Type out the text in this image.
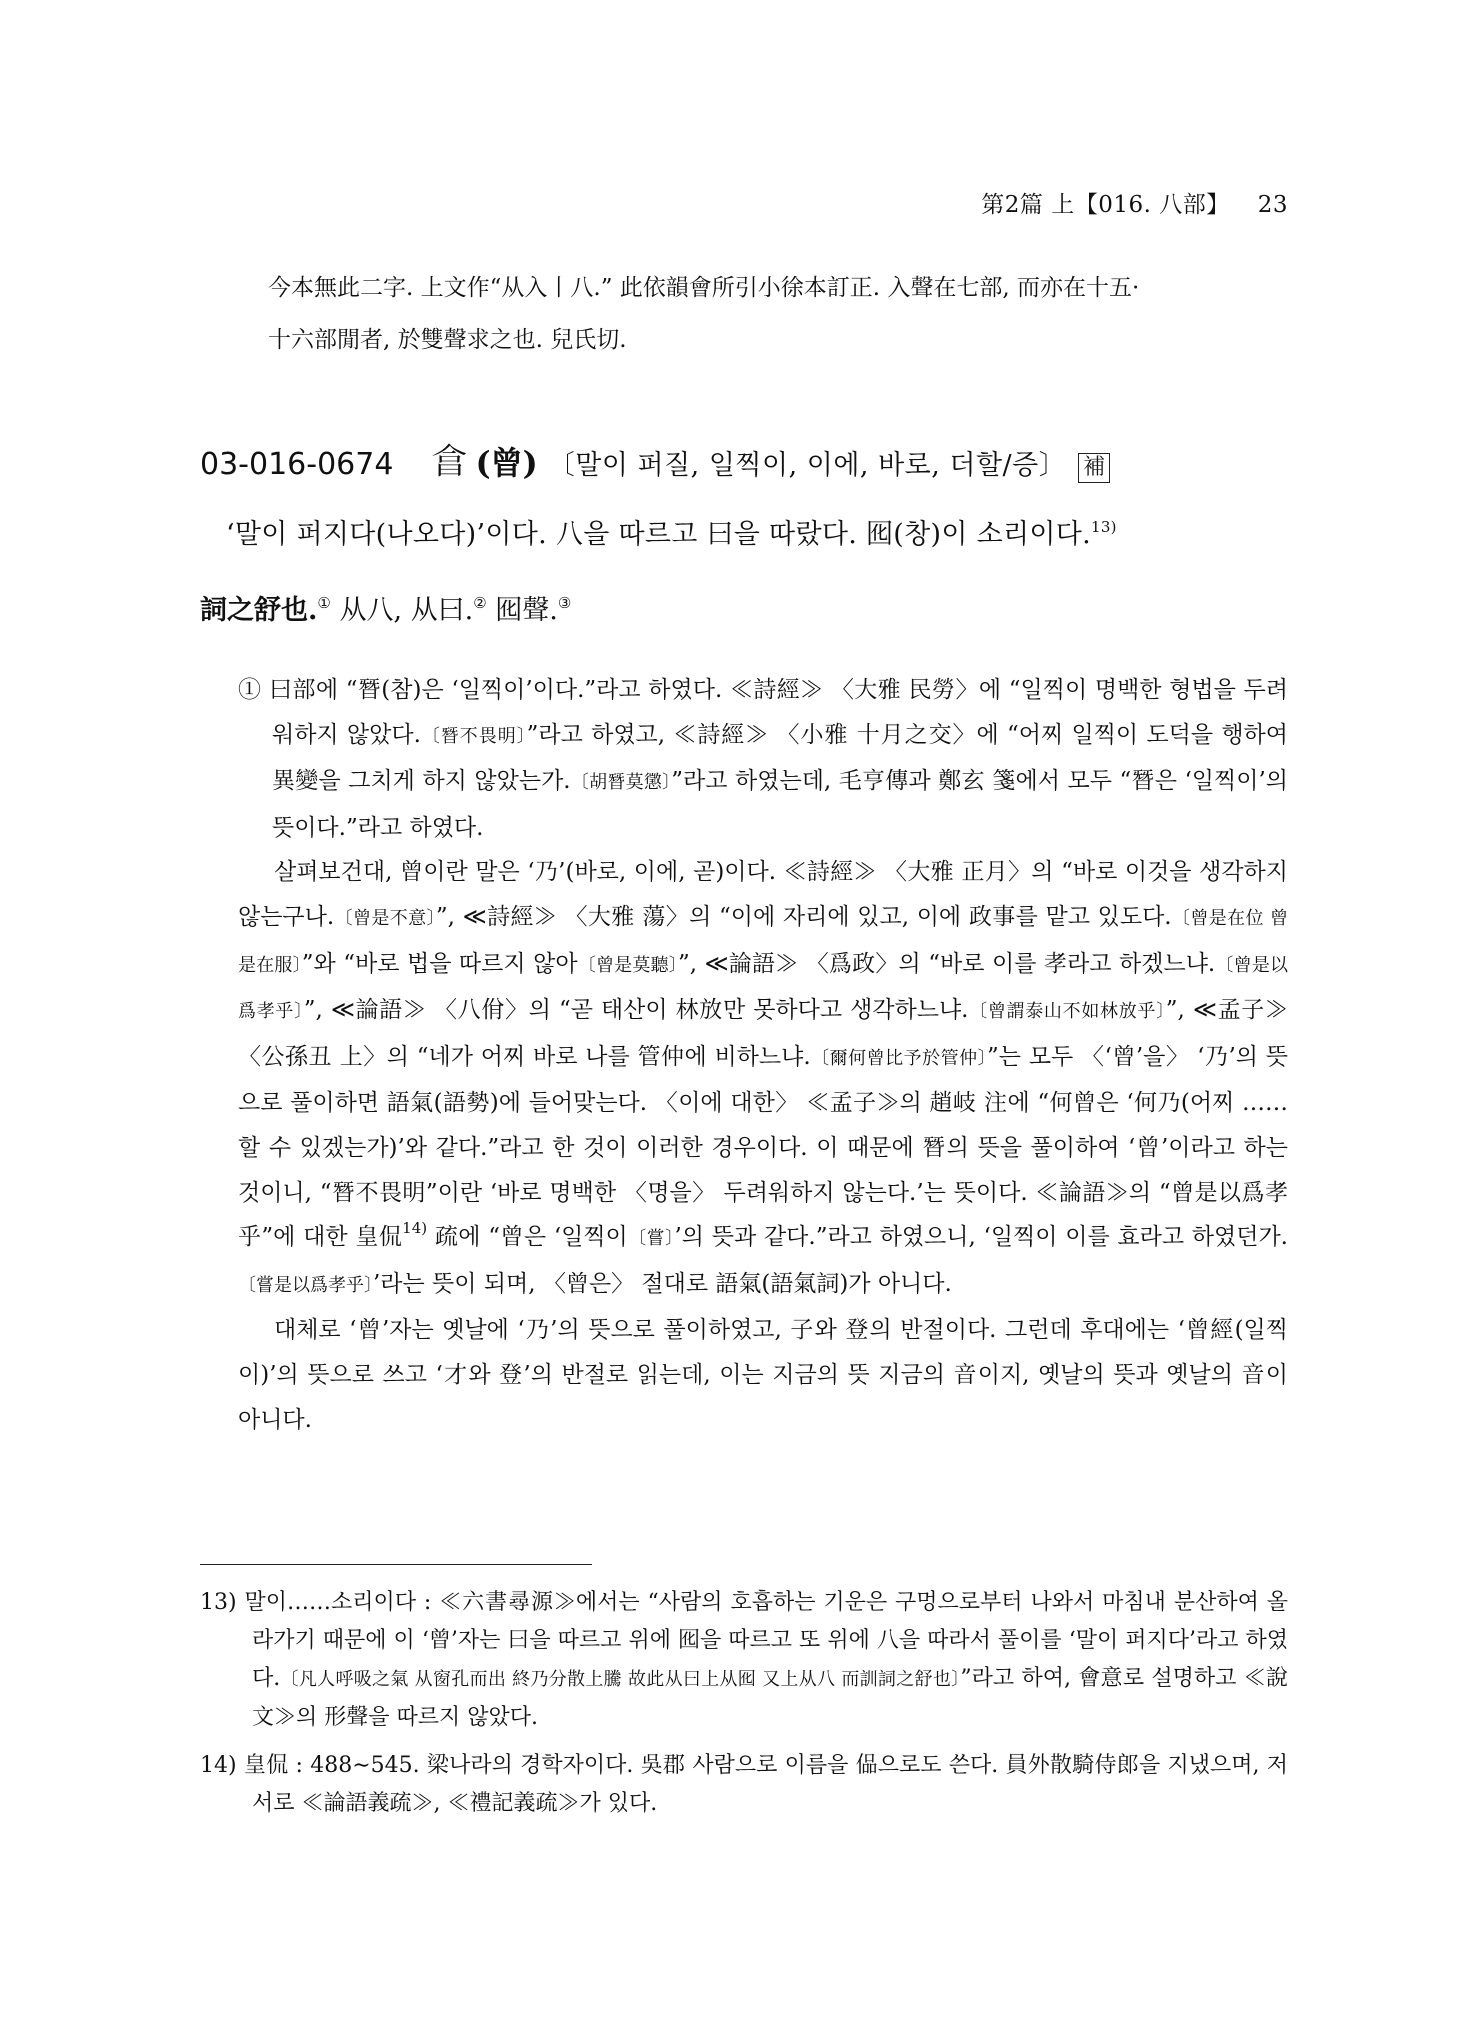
第2篇 上【016. 八部】 23

今本無此二字. 上文作“从入丨八.” 此依韻會所引小徐本訂正. 入聲在七部, 而亦在十五·

十六部閒者, 於雙聲求之也. 兒氏切.

03-016-0674 𣌭 (曾) 〔말이 퍼질, 일찍이, 이에, 바로, 더할/증〕 補
‘말이 퍼지다(나오다)’이다. 八을 따르고 曰을 따랐다. 囮(창)이 소리이다.$^{13)}$
詞之舒也.① 从八, 从曰.② 囮聲.③

① 曰部에 “朁(참)은 ‘일찍이’이다.”라고 하였다. ≪詩經≫ 〈大雅 民勞〉에 “일찍이 명백한 형법을 두려워하지 않았다.〔朁不畏明〕”라고 하였고, ≪詩經≫ 〈小雅 十月之交〉에 “어찌 일찍이 도덕을 행하여 異變을 그치게 하지 않았는가.〔胡朁莫懲〕”라고 하였는데, 毛亨傳과 鄭玄 箋에서 모두 “朁은 ‘일찍이’의 뜻이다.”라고 하였다.

살펴보건대, 曾이란 말은 ‘乃’(바로, 이에, 곧)이다. ≪詩經≫ 〈大雅 正月〉의 “바로 이것을 생각하지 않는구나.〔曾是不意〕”, ≪詩經≫ 〈大雅 蕩〉의 “이에 자리에 있고, 이에 政事를 맡고 있도다.〔曾是在位 曾是在服〕”와 “바로 법을 따르지 않아〔曾是莫聽〕”, ≪論語≫ 〈爲政〉의 “바로 이를 孝라고 하겠느냐.〔曾是以爲孝乎〕”, ≪論語≫ 〈八佾〉의 “곧 태산이 林放만 못하다고 생각하느냐.〔曾謂泰山不如林放乎〕”, ≪孟子≫ 〈公孫丑 上〉의 “네가 어찌 바로 나를 管仲에 비하느냐.〔爾何曾比予於管仲〕”는 모두 〈‘曾’을〉 ‘乃’의 뜻으로 풀이하면 語氣(語勢)에 들어맞는다. 〈이에 대한〉 ≪孟子≫의 趙岐 注에 “何曾은 ‘何乃(어찌 ……할 수 있겠는가)’와 같다.”라고 한 것이 이러한 경우이다. 이 때문에 朁의 뜻을 풀이하여 ‘曾’이라고 하는 것이니, “朁不畏明”이란 ‘바로 명백한 〈명을〉 두려워하지 않는다.’는 뜻이다. ≪論語≫의 “曾是以爲孝乎”에 대한 皇侃$^{14)}$ 疏에 “曾은 ‘일찍이〔嘗〕’의 뜻과 같다.”라고 하였으니, ‘일찍이 이를 효라고 하였던가.〔嘗是以爲孝乎〕’라는 뜻이 되며, 〈曾은〉 절대로 語氣(語氣詞)가 아니다.

대체로 ‘曾’자는 옛날에 ‘乃’의 뜻으로 풀이하였고, 子와 登의 반절이다. 그런데 후대에는 ‘曾經(일찍이)’의 뜻으로 쓰고 ‘才와 登’의 반절로 읽는데, 이는 지금의 뜻 지금의 音이지, 옛날의 뜻과 옛날의 音이 아니다.

13) 말이……소리이다 : ≪六書尋源≫에서는 “사람의 호흡하는 기운은 구멍으로부터 나와서 마침내 분산하여 올라가기 때문에 이 ‘曾’자는 曰을 따르고 위에 囮을 따르고 또 위에 八을 따라서 풀이를 ‘말이 퍼지다’라고 하였다.〔凡人呼吸之氣 从窗孔而出 終乃分散上騰 故此从曰上从囮 又上从八 而訓詞之舒也〕”라고 하여, 會意로 설명하고 ≪說文≫의 形聲을 따르지 않았다.

14) 皇侃 : 488∼545. 梁나라의 경학자이다. 吳郡 사람으로 이름을 偘으로도 쓴다. 員外散騎侍郎을 지냈으며, 저서로 ≪論語義疏≫, ≪禮記義疏≫가 있다.
